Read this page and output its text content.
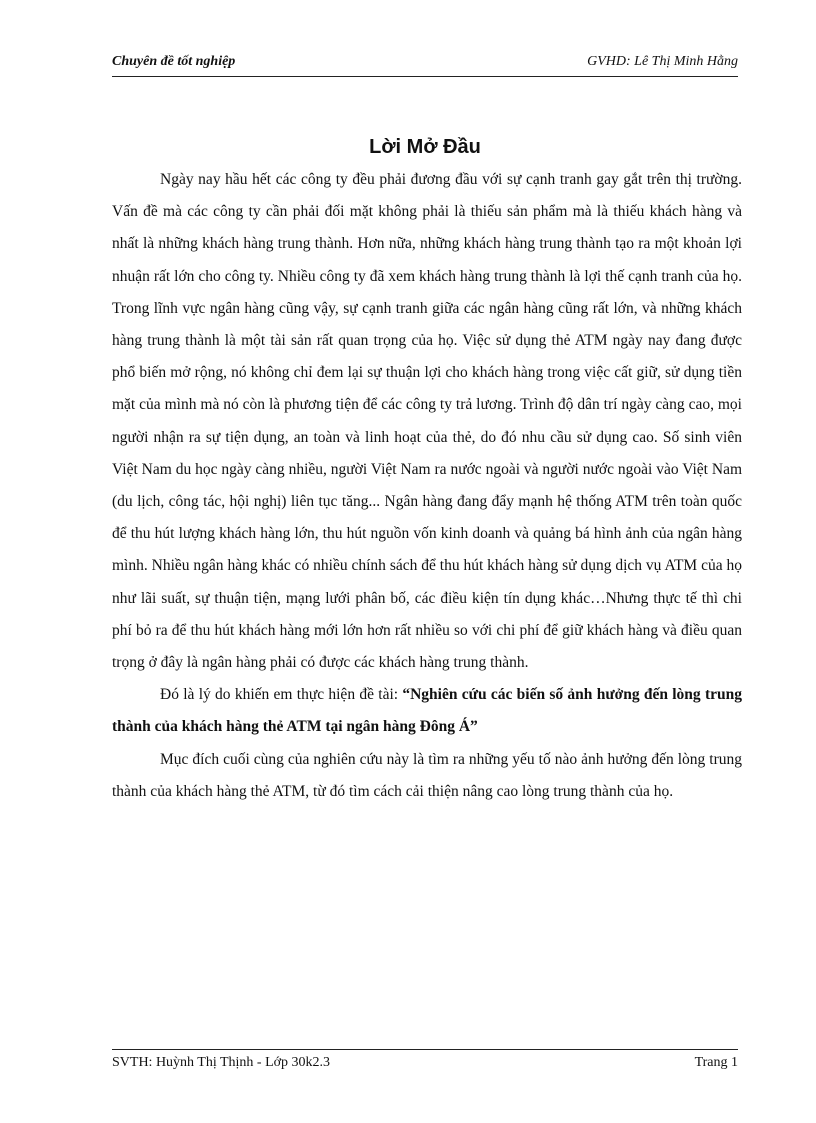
Chuyên đề tốt nghiệp	GVHD: Lê Thị Minh Hằng
Lời Mở Đầu

Ngày nay hầu hết các công ty đều phải đương đầu với sự cạnh tranh gay gắt trên thị trường. Vấn đề mà các công ty cần phải đối mặt không phải là thiếu sản phẩm mà là thiếu khách hàng và nhất là những khách hàng trung thành. Hơn nữa, những khách hàng trung thành tạo ra một khoản lợi nhuận rất lớn cho công ty. Nhiều công ty đã xem khách hàng trung thành là lợi thế cạnh tranh của họ. Trong lĩnh vực ngân hàng cũng vậy, sự cạnh tranh giữa các ngân hàng cũng rất lớn, và những khách hàng trung thành là một tài sản rất quan trọng của họ. Việc sử dụng thẻ ATM ngày nay đang được phổ biến mở rộng, nó không chỉ đem lại sự thuận lợi cho khách hàng trong việc cất giữ, sử dụng tiền mặt của mình mà nó còn là phương tiện để các công ty trả lương. Trình độ dân trí ngày càng cao, mọi người nhận ra sự tiện dụng, an toàn và linh hoạt của thẻ, do đó nhu cầu sử dụng cao. Số sinh viên Việt Nam du học ngày càng nhiều, người Việt Nam ra nước ngoài và người nước ngoài vào Việt Nam (du lịch, công tác, hội nghị) liên tục tăng... Ngân hàng đang đẩy mạnh hệ thống ATM trên toàn quốc để thu hút lượng khách hàng lớn, thu hút nguồn vốn kinh doanh và quảng bá hình ảnh của ngân hàng mình. Nhiều ngân hàng khác có nhiều chính sách để thu hút khách hàng sử dụng dịch vụ ATM của họ như lãi suất, sự thuận tiện, mạng lưới phân bố, các điều kiện tín dụng khác…Nhưng thực tế thì chi phí bỏ ra để thu hút khách hàng mới lớn hơn rất nhiều so với chi phí để giữ khách hàng và điều quan trọng ở đây là ngân hàng phải có được các khách hàng trung thành.

Đó là lý do khiến em thực hiện đề tài: “Nghiên cứu các biến số ảnh hưởng đến lòng trung thành của khách hàng thẻ ATM tại ngân hàng Đông Á”

Mục đích cuối cùng của nghiên cứu này là tìm ra những yếu tố nào ảnh hưởng đến lòng trung thành của khách hàng thẻ ATM, từ đó tìm cách cải thiện nâng cao lòng trung thành của họ.

SVTH: Huỳnh Thị Thịnh - Lớp 30k2.3	Trang 1
